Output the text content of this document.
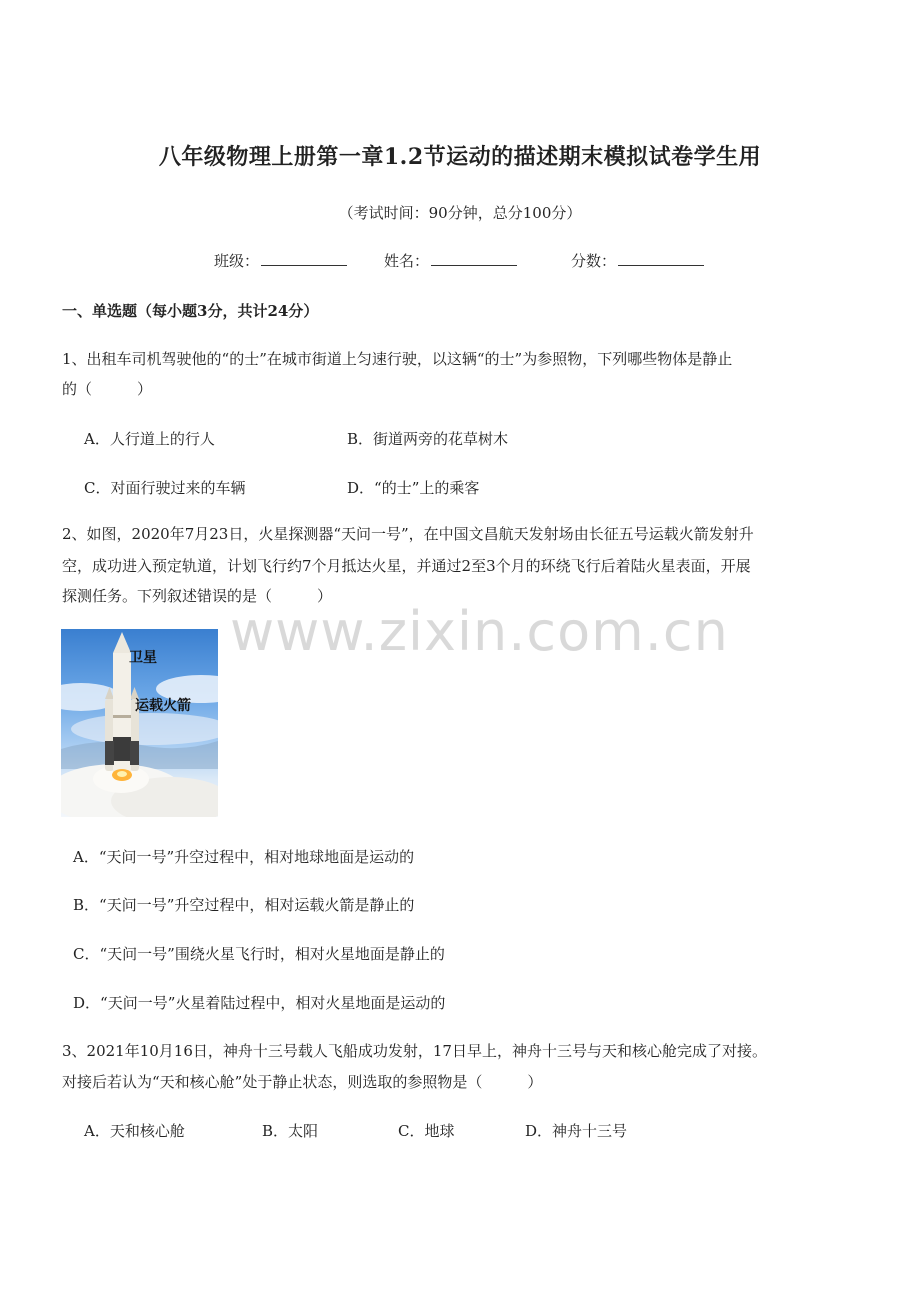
八年级物理上册第一章1.2节运动的描述期末模拟试卷学生用
（考试时间：90分钟，总分100分）
班级：	姓名：	分数：
一、单选题（每小题3分，共计24分）
1、出租车司机驾驶他的“的士”在城市街道上匀速行驶，以这辆“的士”为参照物，下列哪些物体是静止
的（　　　）
A．人行道上的行人	B．街道两旁的花草树木
C．对面行驶过来的车辆	D．“的士”上的乘客
2、如图，2020年7月23日，火星探测器“天问一号”，在中国文昌航天发射场由长征五号运载火箭发射升
空，成功进入预定轨道，计划飞行约7个月抵达火星，并通过2至3个月的环绕飞行后着陆火星表面，开展
探测任务。下列叙述错误的是（　　　）
卫星
运载火箭
A．“天问一号”升空过程中，相对地球地面是运动的
B．“天问一号”升空过程中，相对运载火箭是静止的
C．“天问一号”围绕火星飞行时，相对火星地面是静止的
D．“天问一号”火星着陆过程中，相对火星地面是运动的
3、2021年10月16日，神舟十三号载人飞船成功发射，17日早上，神舟十三号与天和核心舱完成了对接。
对接后若认为“天和核心舱”处于静止状态，则选取的参照物是（　　　）
A．天和核心舱	B．太阳	C．地球	D．神舟十三号
www.zixin.com.cn
